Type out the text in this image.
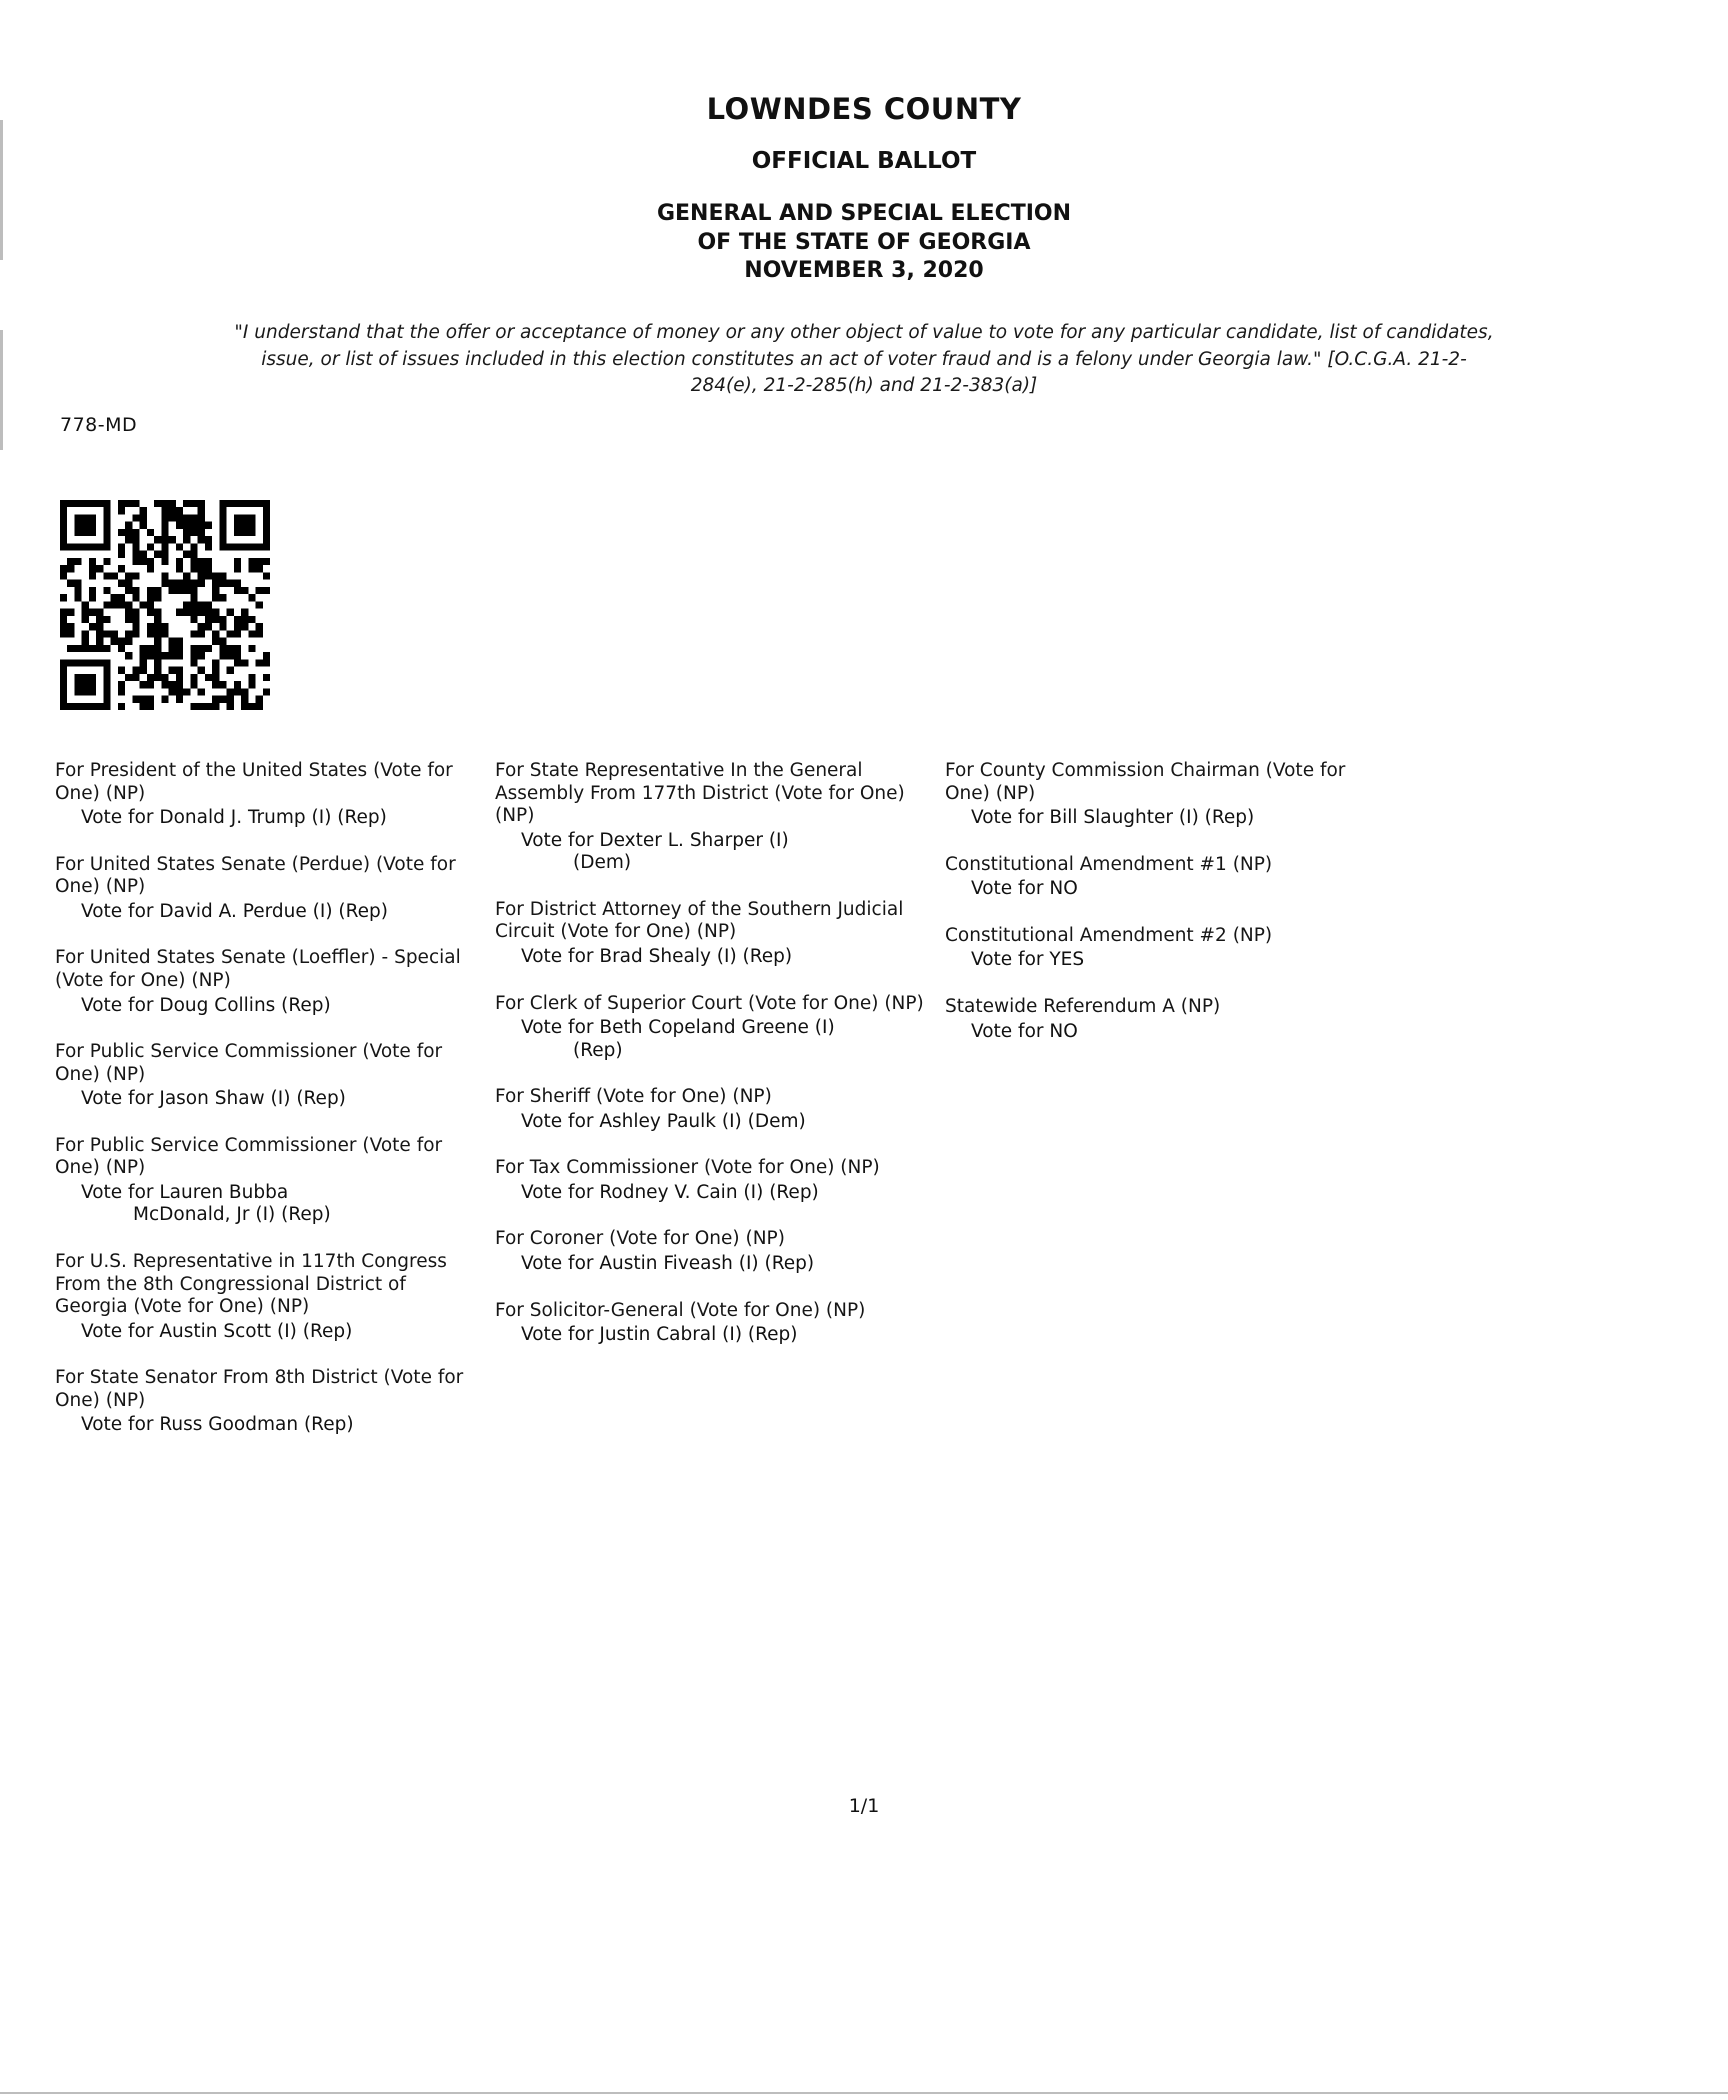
LOWNDES COUNTY
OFFICIAL BALLOT
GENERAL AND SPECIAL ELECTION
OF THE STATE OF GEORGIA
NOVEMBER 3, 2020
"I understand that the offer or acceptance of money or any other object of value to vote for any particular candidate, list of candidates, issue, or list of issues included in this election constitutes an act of voter fraud and is a felony under Georgia law." [O.C.G.A. 21-2-284(e), 21-2-285(h) and 21-2-383(a)]
778-MD
For President of the United States (Vote for One) (NP)
Vote for Donald J. Trump (I) (Rep)
For United States Senate (Perdue) (Vote for One) (NP)
Vote for David A. Perdue (I) (Rep)
For United States Senate (Loeffler) - Special (Vote for One) (NP)
Vote for Doug Collins (Rep)
For Public Service Commissioner (Vote for One) (NP)
Vote for Jason Shaw (I) (Rep)
For Public Service Commissioner (Vote for One) (NP)
Vote for Lauren Bubba
McDonald, Jr (I) (Rep)
For U.S. Representative in 117th Congress From the 8th Congressional District of Georgia (Vote for One) (NP)
Vote for Austin Scott (I) (Rep)
For State Senator From 8th District (Vote for One) (NP)
Vote for Russ Goodman (Rep)
For State Representative In the General Assembly From 177th District (Vote for One) (NP)
Vote for Dexter L. Sharper (I)
(Dem)
For District Attorney of the Southern Judicial Circuit (Vote for One) (NP)
Vote for Brad Shealy (I) (Rep)
For Clerk of Superior Court (Vote for One) (NP)
Vote for Beth Copeland Greene (I)
(Rep)
For Sheriff (Vote for One) (NP)
Vote for Ashley Paulk (I) (Dem)
For Tax Commissioner (Vote for One) (NP)
Vote for Rodney V. Cain (I) (Rep)
For Coroner (Vote for One) (NP)
Vote for Austin Fiveash (I) (Rep)
For Solicitor-General (Vote for One) (NP)
Vote for Justin Cabral (I) (Rep)
For County Commission Chairman (Vote for One) (NP)
Vote for Bill Slaughter (I) (Rep)
Constitutional Amendment #1 (NP)
Vote for NO
Constitutional Amendment #2 (NP)
Vote for YES
Statewide Referendum A (NP)
Vote for NO
1/1
